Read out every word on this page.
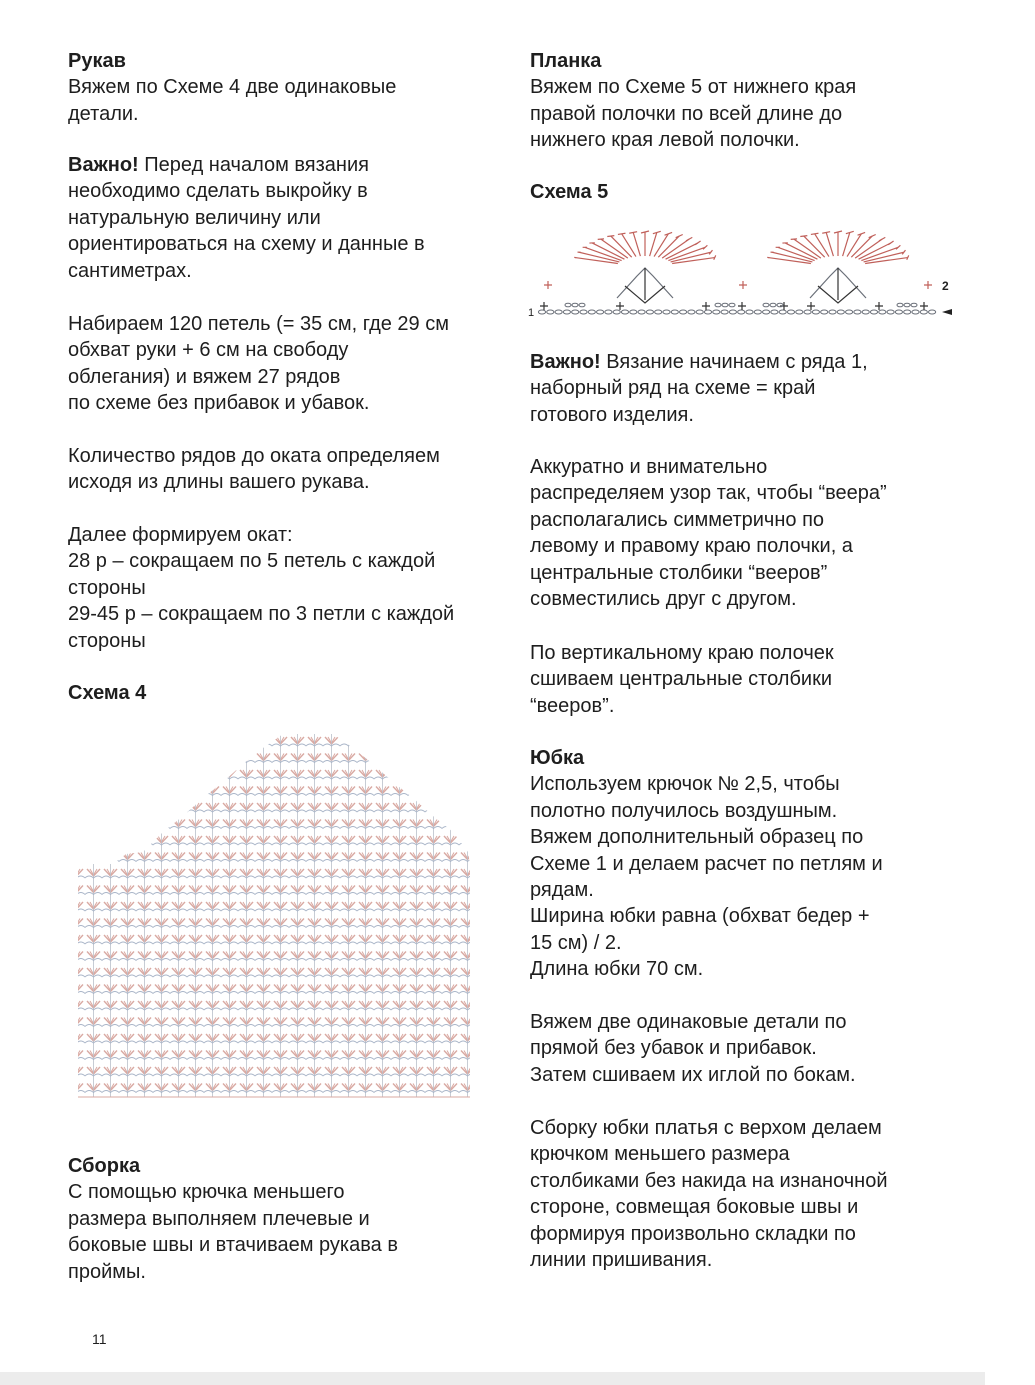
Рукав
Вяжем по Схеме 4 две одинаковые
детали.
Важно! Перед началом вязания
необходимо сделать выкройку в
натуральную величину или
ориентироваться на схему и данные в
сантиметрах.
Набираем 120 петель (= 35 см, где 29 см
обхват руки + 6 см на свободу
облегания) и вяжем 27 рядов
по схеме без прибавок и убавок.
Количество рядов до оката определяем
исходя из длины вашего рукава.
Далее формируем окат:
28 р – сокращаем по 5 петель с каждой
стороны
29-45 р – сокращаем по 3 петли с каждой
стороны
Схема 4
Сборка
С помощью крючка меньшего
размера выполняем плечевые и
боковые швы и втачиваем рукава в
проймы.
Планка
Вяжем по Схеме 5 от нижнего края
правой полочки по всей длине до
нижнего края левой полочки.
Схема 5
Важно! Вязание начинаем с ряда 1,
наборный ряд на схеме = край
готового изделия.
Аккуратно и внимательно
распределяем узор так, чтобы “веера”
располагались симметрично по
левому и правому краю полочки, а
центральные столбики “вееров”
совместились друг с другом.
По вертикальному краю полочек
сшиваем центральные столбики
“вееров”.
Юбка
Используем крючок № 2,5, чтобы
полотно получилось воздушным.
Вяжем дополнительный образец по
Схеме 1 и делаем расчет по петлям и
рядам.
Ширина юбки равна (обхват бедер +
15 см) / 2.
Длина юбки 70 см.
Вяжем две одинаковые детали по
прямой без убавок и прибавок.
Затем сшиваем их иглой по бокам.
Сборку юбки платья с верхом делаем
крючком меньшего размера
столбиками без накида на изнаночной
стороне, совмещая боковые швы и
формируя произвольно складки по
линии пришивания.
1
2
11
